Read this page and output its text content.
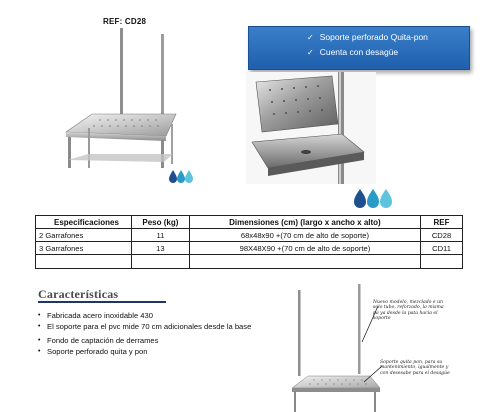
REF: CD28
✓ Soporte perforado Quita-pon
✓ Cuenta con desagüe
Especificaciones	Peso (kg)	Dimensiones (cm) (largo x ancho x alto)	REF
2 Garrafones	11	68x48x90 +(70 cm de alto de soporte)	CD28
3 Garrafones	13	98X48X90 +(70 cm de alto de soporte)	CD11

Características
• Fabricada acero inoxidable 430
• El soporte para el pvc mide 70 cm adicionales desde la base
• Fondo de captación de derrames
• Soporte perforado quita y pon
Nuevo modelo, mezclado e un solo tubo, reforzado, la misma pa ya desde la pata hacia el soporte
Soporte quita pon, para su mantenimiento, igualmente y con desesabe para el desagüe
